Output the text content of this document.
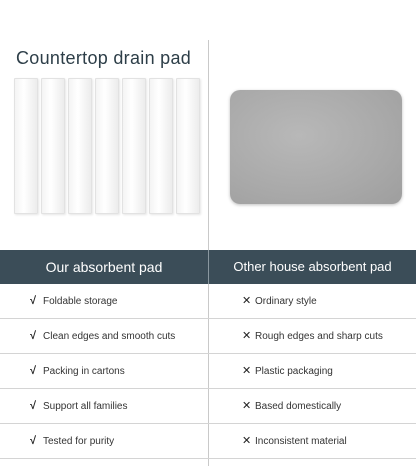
Countertop drain pad
Our absorbent pad	Other house absorbent pad
√ Foldable storage	✕ Ordinary style
√ Clean edges and smooth cuts	✕ Rough edges and sharp cuts
√ Packing in cartons	✕ Plastic packaging
√ Support all families	✕ Based domestically
√ Tested for purity	✕ Inconsistent material
